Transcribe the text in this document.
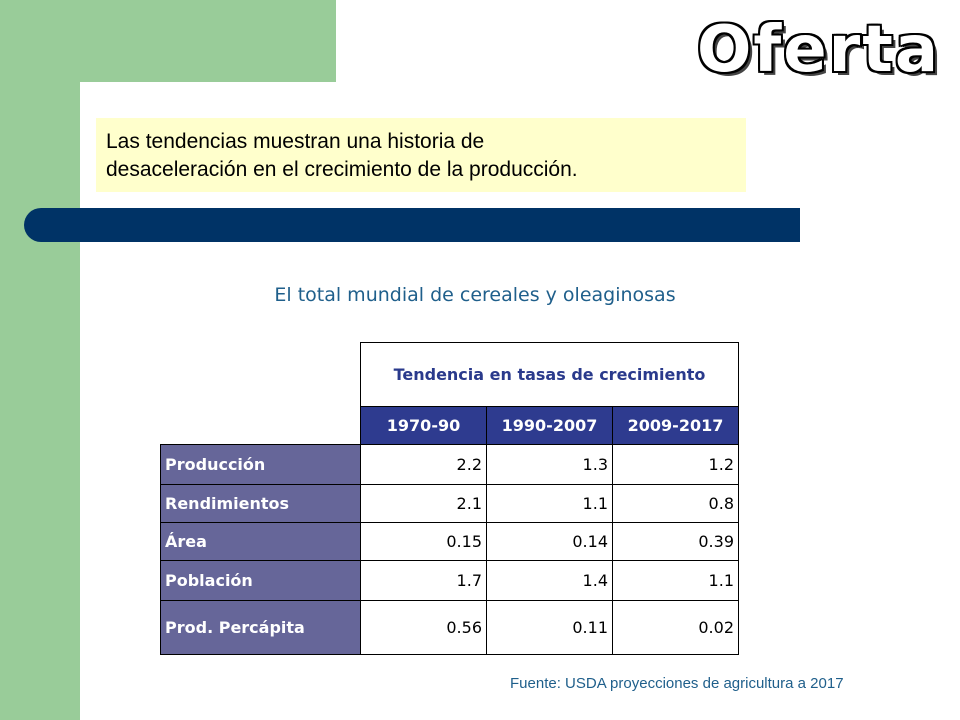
Oferta
Las tendencias muestran una historia de
desaceleración en el crecimiento de la producción.
El total mundial de cereales y oleaginosas
	Tendencia en tasas de crecimiento		
	1970-90	1990-2007	2009-2017
Producción	2.2	1.3	1.2
Rendimientos	2.1	1.1	0.8
Área	0.15	0.14	0.39
Población	1.7	1.4	1.1
Prod. Percápita	0.56	0.11	0.02
Fuente: USDA proyecciones de agricultura a 2017
